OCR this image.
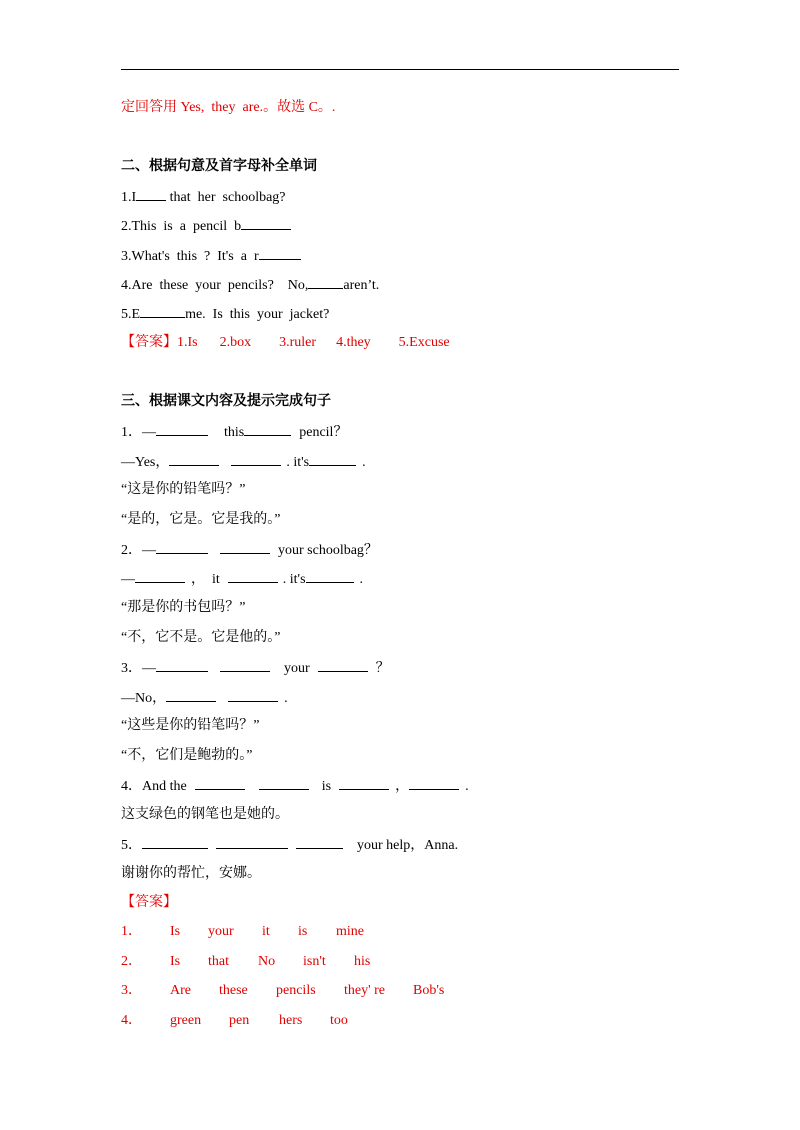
定回答用 Yes,  they  are.。故选 C。.
二、根据句意及首字母补全单词
1.I that  her  schoolbag?
2.This  is  a  pencil  b
3.What's  this  ?  It's  a  r
4.Are  these  your  pencils?    No,	aren’t.
5.E	me.  Is  this  your  jacket?
【答案】1.Is 2.box 3.ruler 4.they 5.Excuse
三、根据课文内容及提示完成句子
1．—	this	pencil？
—Yes，	. it's	.
“这是你的铅笔吗？”
“是的，它是。它是我的。”
2．—	your schoolbag？
—	，  it	. it's	.
“那是你的书包吗？”
“不，它不是。它是他的。”
3．—	your	？
—No，	.
“这些是你的铅笔吗？”
“不，它们是鲍勃的。”
4．And the	is	，	.
这支绿色的钢笔也是她的。
5．	your help，Anna.
谢谢你的帮忙，安娜。
【答案】
1． Is your it is mine
2． Is that No isn't his
3． Are these pencils they' re Bob's
4． green pen hers too
